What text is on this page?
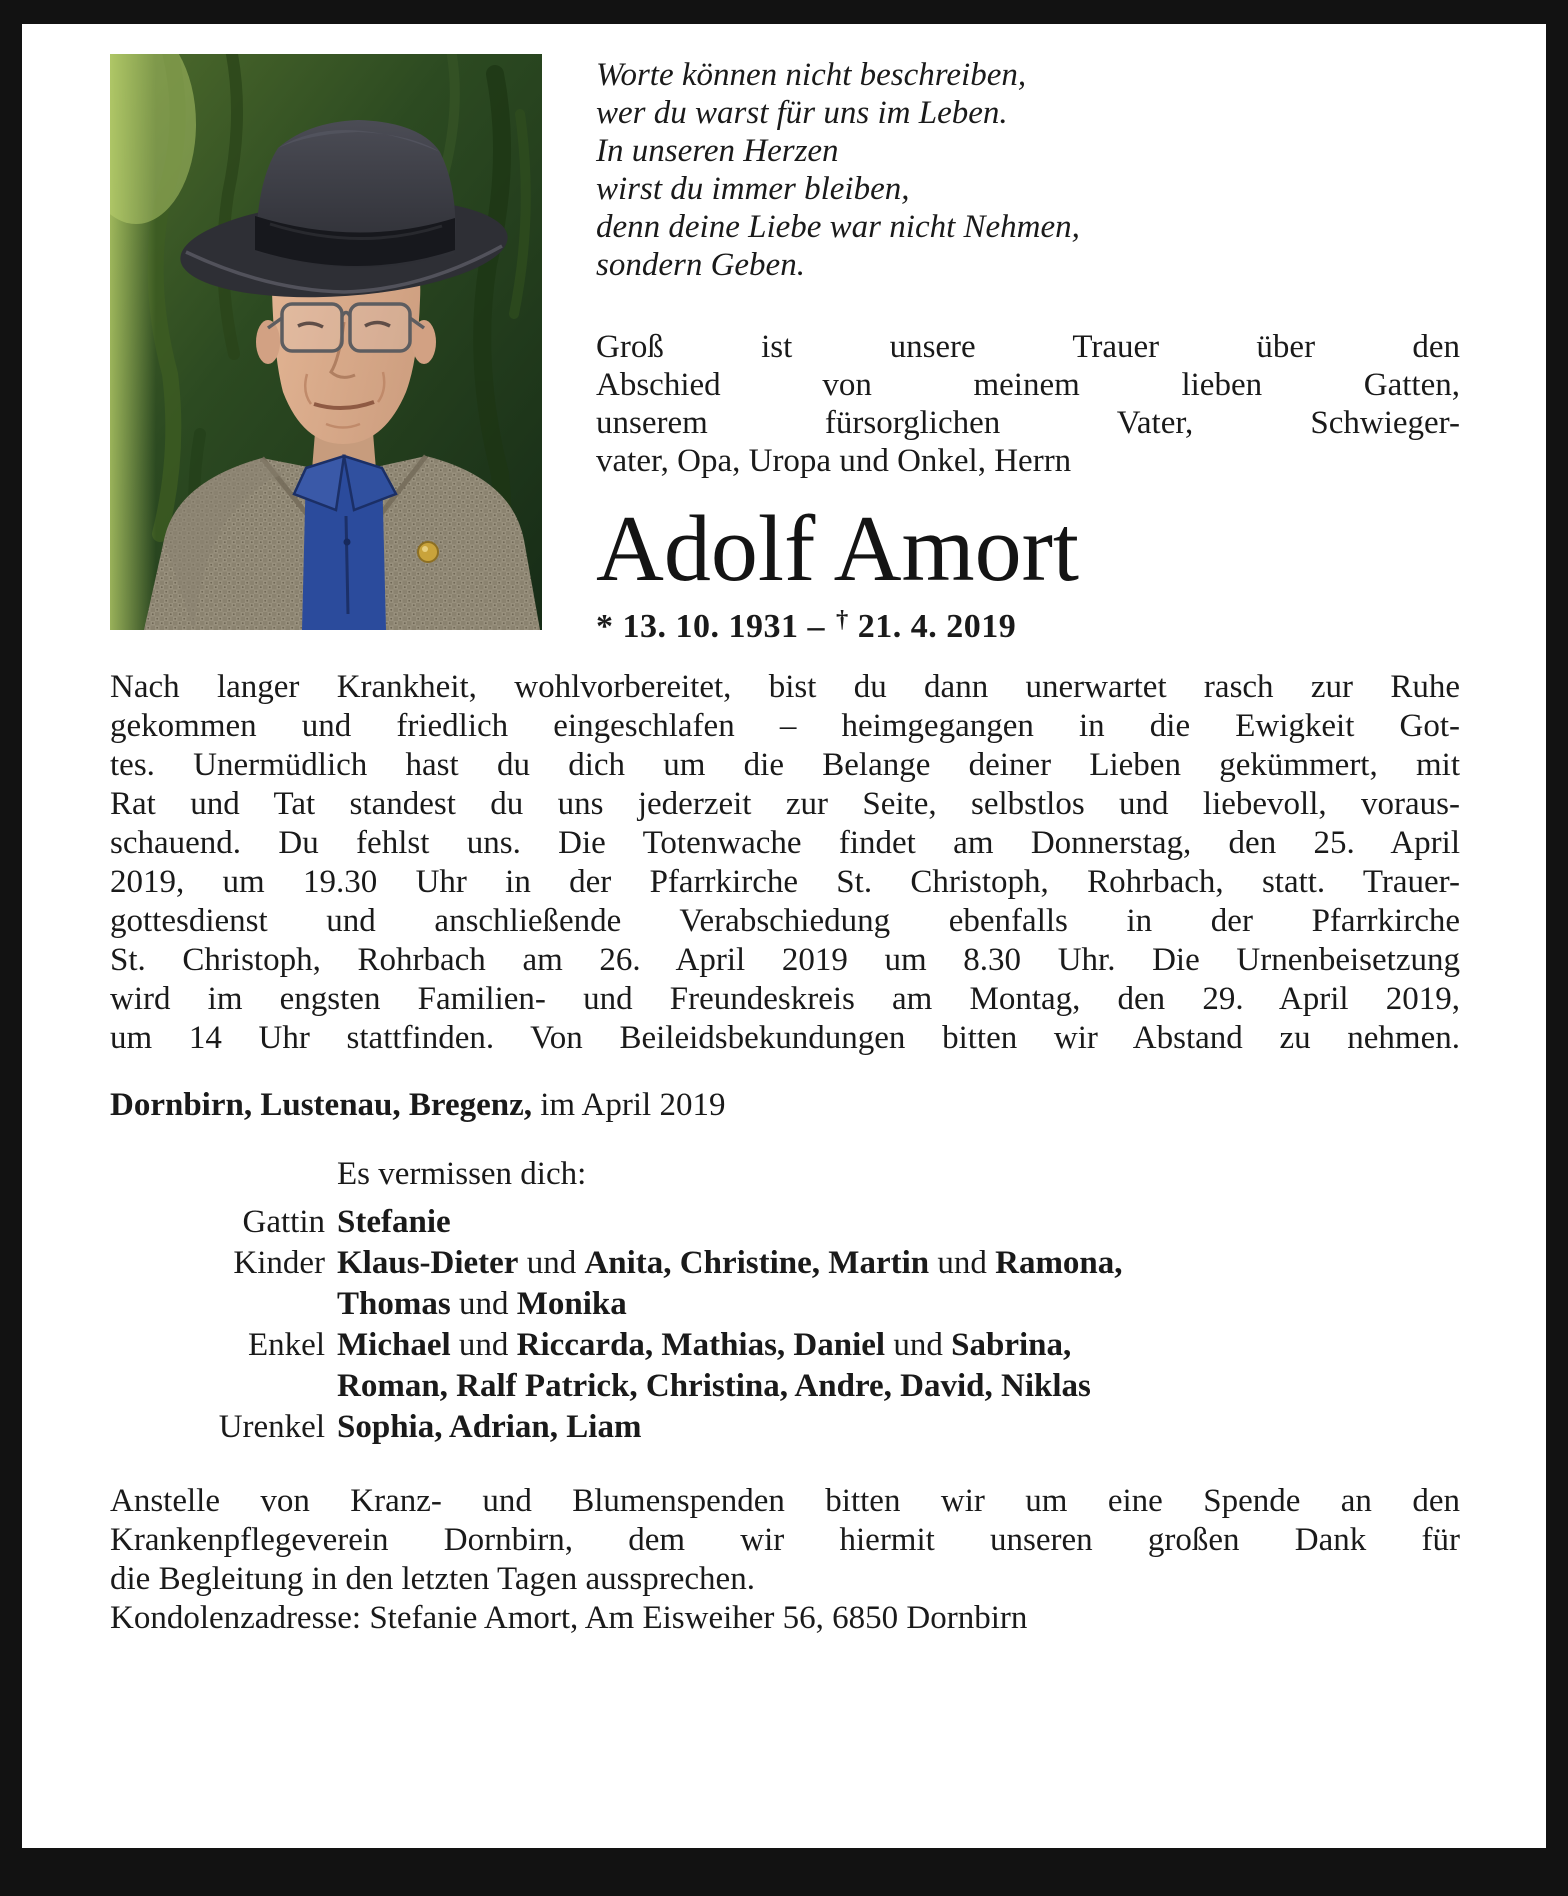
Worte können nicht beschreiben,
wer du warst für uns im Leben.
In unseren Herzen
wirst du immer bleiben,
denn deine Liebe war nicht Nehmen,
sondern Geben.
Groß ist unsere Trauer über den
Abschied von meinem lieben Gatten,
unserem fürsorglichen Vater, Schwieger-
vater, Opa, Uropa und Onkel, Herrn
Adolf Amort
* 13. 10. 1931 – † 21. 4. 2019
Nach langer Krankheit, wohlvorbereitet, bist du dann unerwartet rasch zur Ruhe
gekommen und friedlich eingeschlafen – heimgegangen in die Ewigkeit Got-
tes. Unermüdlich hast du dich um die Belange deiner Lieben gekümmert, mit
Rat und Tat standest du uns jederzeit zur Seite, selbstlos und liebevoll, voraus-
schauend. Du fehlst uns. Die Totenwache findet am Donnerstag, den 25. April
2019, um 19.30 Uhr in der Pfarrkirche St. Christoph, Rohrbach, statt. Trauer-
gottesdienst und anschließende Verabschiedung ebenfalls in der Pfarrkirche
St. Christoph, Rohrbach am 26. April 2019 um 8.30 Uhr. Die Urnenbeisetzung
wird im engsten Familien- und Freundeskreis am Montag, den 29. April 2019,
um 14 Uhr stattfinden. Von Beileidsbekundungen bitten wir Abstand zu nehmen.
Dornbirn, Lustenau, Bregenz, im April 2019
Es vermissen dich:
Gattin Stefanie
Kinder Klaus-Dieter und Anita, Christine, Martin und Ramona,
Thomas und Monika
Enkel Michael und Riccarda, Mathias, Daniel und Sabrina,
Roman, Ralf Patrick, Christina, Andre, David, Niklas
Urenkel Sophia, Adrian, Liam
Anstelle von Kranz- und Blumenspenden bitten wir um eine Spende an den
Krankenpflegeverein Dornbirn, dem wir hiermit unseren großen Dank für
die Begleitung in den letzten Tagen aussprechen.
Kondolenzadresse: Stefanie Amort, Am Eisweiher 56, 6850 Dornbirn
